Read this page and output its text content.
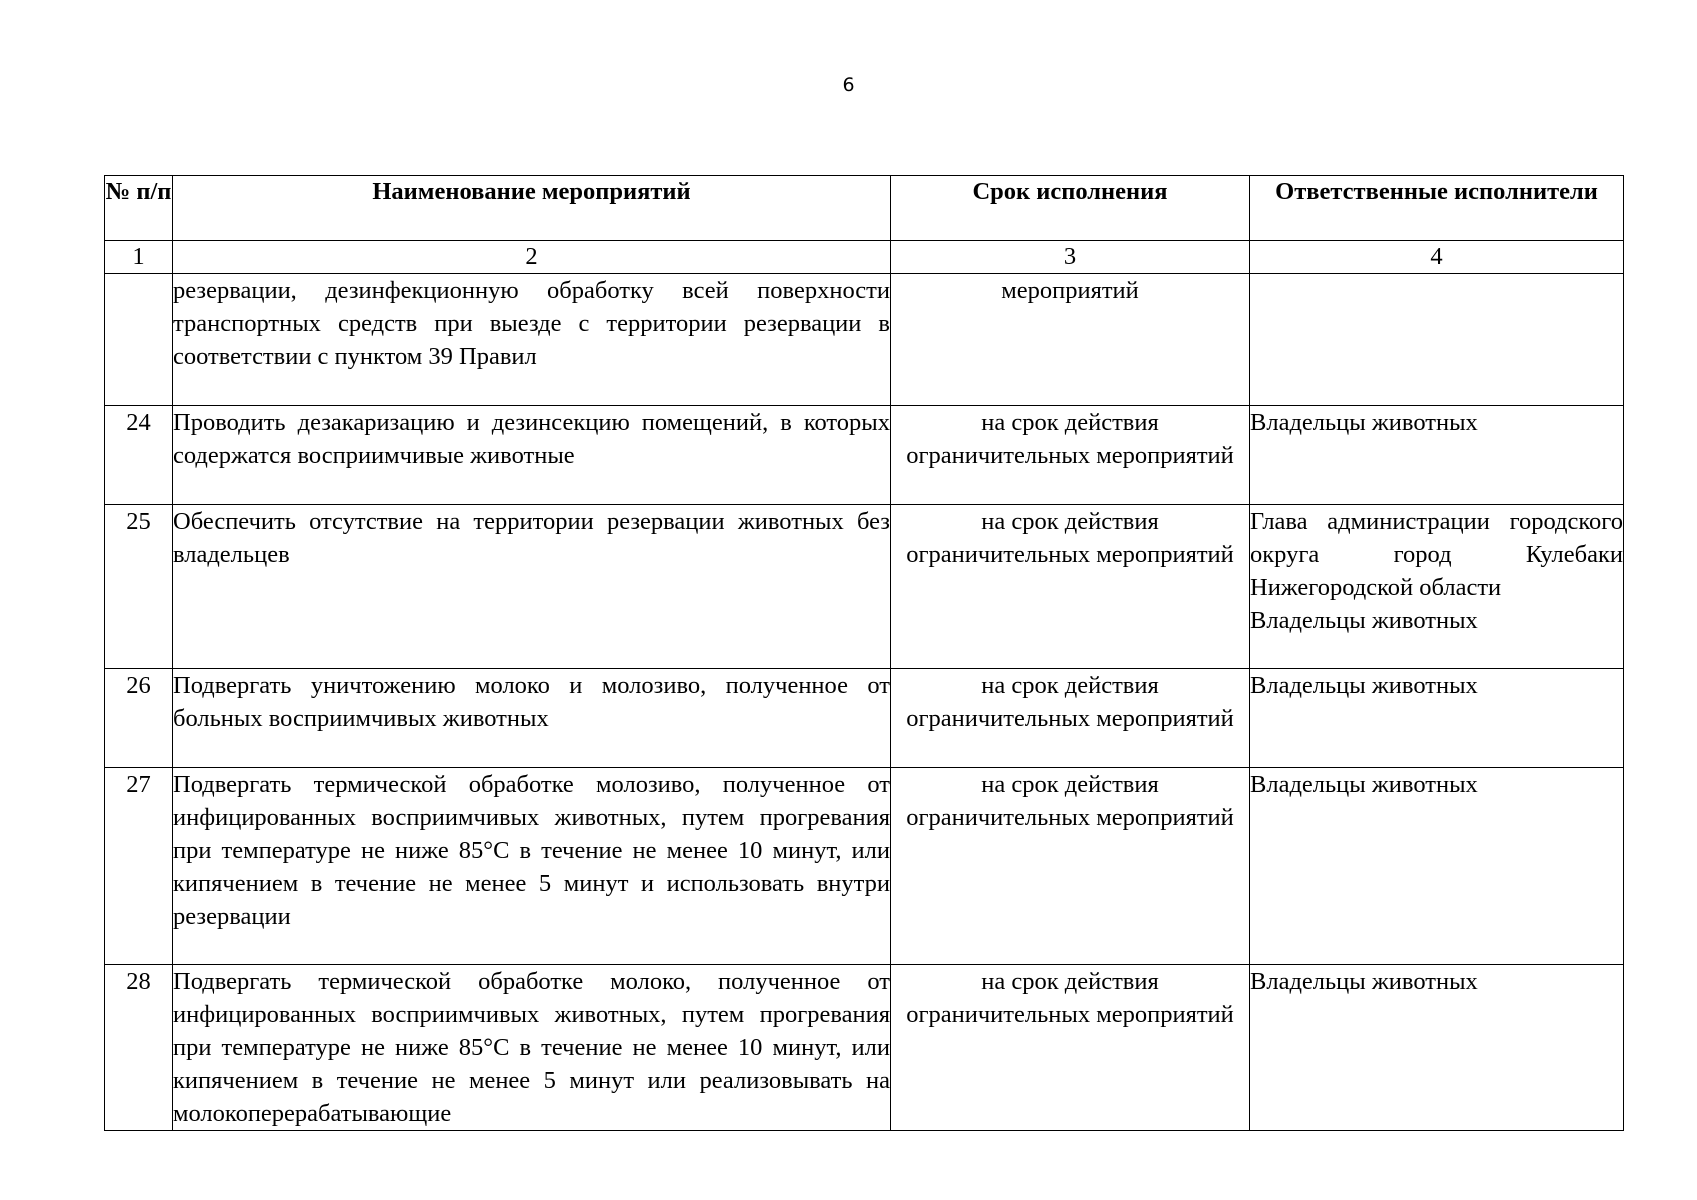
6
№ п/п	Наименование мероприятий	Срок исполнения	Ответственные исполнители
1	2	3	4
	резервации, дезинфекционную обработку всей поверхности транспортных средств при выезде с территории резервации в соответствии с пунктом 39 Правил	мероприятий	

24	Проводить дезакаризацию и дезинсекцию помещений, в которых содержатся восприимчивые животные	на срок действия ограничительных мероприятий	Владельцы животных

25	Обеспечить отсутствие на территории резервации животных без владельцев	на срок действия ограничительных мероприятий	Глава администрации городского округа город Кулебаки Нижегородской области
Владельцы животных

26	Подвергать уничтожению молоко и молозиво, полученное от больных восприимчивых животных	на срок действия ограничительных мероприятий	Владельцы животных

27	Подвергать термической обработке молозиво, полученное от инфицированных восприимчивых животных, путем прогревания при температуре не ниже 85°С в течение не менее 10 минут, или кипячением в течение не менее 5 минут и использовать внутри резервации	на срок действия ограничительных мероприятий	Владельцы животных

28	Подвергать термической обработке молоко, полученное от инфицированных восприимчивых животных, путем прогревания при температуре не ниже 85°С в течение не менее 10 минут, или кипячением в течение не менее 5 минут или реализовывать на молокоперерабатывающие	на срок действия ограничительных мероприятий	Владельцы животных
